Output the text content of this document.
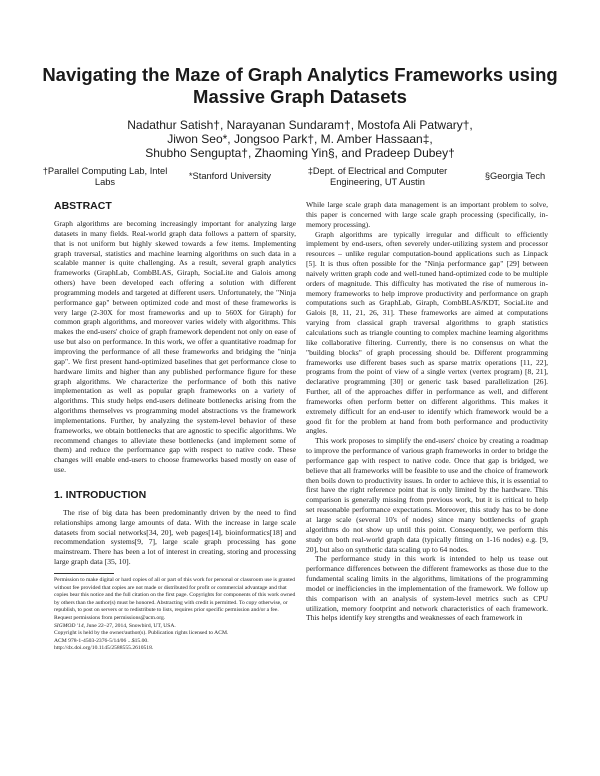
Navigating the Maze of Graph Analytics Frameworks using Massive Graph Datasets
Nadathur Satish†, Narayanan Sundaram†, Mostofa Ali Patwary†,
Jiwon Seo*, Jongsoo Park†, M. Amber Hassaan‡,
Shubho Sengupta†, Zhaoming Yin§, and Pradeep Dubey†
†Parallel Computing Lab, Intel Labs
*Stanford University	‡Dept. of Electrical and Computer Engineering, UT Austin
§Georgia Tech
ABSTRACT

Graph algorithms are becoming increasingly important for analyzing large datasets in many fields. Real-world graph data follows a pattern of sparsity, that is not uniform but highly skewed towards a few items. Implementing graph traversal, statistics and machine learning algorithms on such data in a scalable manner is quite challenging. As a result, several graph analytics frameworks (GraphLab, CombBLAS, Giraph, SociaLite and Galois among others) have been developed each offering a solution with different programming models and targeted at different users. Unfortunately, the "Ninja performance gap" between optimized code and most of these frameworks is very large (2-30X for most frameworks and up to 560X for Giraph) for common graph algorithms, and moreover varies widely with algorithms. This makes the end-users' choice of graph framework dependent not only on ease of use but also on performance. In this work, we offer a quantitative roadmap for improving the performance of all these frameworks and bridging the "ninja gap". We first present hand-optimized baselines that get performance close to hardware limits and higher than any published performance figure for these graph algorithms. We characterize the performance of both this native implementation as well as popular graph frameworks on a variety of algorithms. This study helps end-users delineate bottlenecks arising from the algorithms themselves vs programming model abstractions vs the framework implementations. Further, by analyzing the system-level behavior of these frameworks, we obtain bottlenecks that are agnostic to specific algorithms. We recommend changes to alleviate these bottlenecks (and implement some of them) and reduce the performance gap with respect to native code. These changes will enable end-users to choose frameworks based mostly on ease of use.

1. INTRODUCTION

The rise of big data has been predominantly driven by the need to find relationships among large amounts of data. With the increase in large scale datasets from social networks[34, 20], web pages[14], bioinformatics[18] and recommendation systems[9, 7], large scale graph processing has gone mainstream. There has been a lot of interest in creating, storing and processing large graph data [35, 10].

Permission to make digital or hard copies of all or part of this work for personal or classroom use is granted without fee provided that copies are not made or distributed for profit or commercial advantage and that copies bear this notice and the full citation on the first page. Copyrights for components of this work owned by others than the author(s) must be honored. Abstracting with credit is permitted. To copy otherwise, or republish, to post on servers or to redistribute to lists, requires prior specific permission and/or a fee. Request permissions from permissions@acm.org.

SIGMOD '14, June 22–27, 2014, Snowbird, UT, USA.

Copyright is held by the owner/author(s). Publication rights licensed to ACM.

ACM 978-1-4503-2376-5/14/06 ...$15.00.

http://dx.doi.org/10.1145/2588555.2610518.

While large scale graph data management is an important problem to solve, this paper is concerned with large scale graph processing (specifically, in-memory processing).

Graph algorithms are typically irregular and difficult to efficiently implement by end-users, often severely under-utilizing system and processor resources – unlike regular computation-bound applications such as Linpack [5]. It is thus often possible for the "Ninja performance gap" [29] between naively written graph code and well-tuned hand-optimized code to be multiple orders of magnitude. This difficulty has motivated the rise of numerous in-memory frameworks to help improve productivity and performance on graph computations such as GraphLab, Giraph, CombBLAS/KDT, SociaLite and Galois [8, 11, 21, 26, 31]. These frameworks are aimed at computations varying from classical graph traversal algorithms to graph statistics calculations such as triangle counting to complex machine learning algorithms like collaborative filtering. Currently, there is no consensus on what the "building blocks" of graph processing should be. Different programming frameworks use different bases such as sparse matrix operations [11, 22], programs from the point of view of a single vertex (vertex program) [8, 21], declarative programming [30] or generic task based parallelization [26]. Further, all of the approaches differ in performance as well, and different frameworks often perform better on different algorithms. This makes it extremely difficult for an end-user to identify which framework would be a good fit for the problem at hand from both performance and productivity angles.

This work proposes to simplify the end-users' choice by creating a roadmap to improve the performance of various graph frameworks in order to bridge the performance gap with respect to native code. Once that gap is bridged, we believe that all frameworks will be feasible to use and the choice of framework then boils down to productivity issues. In order to achieve this, it is essential to first have the right reference point that is only limited by the hardware. This comparison is generally missing from previous work, but it is critical to help set reasonable performance expectations. Moreover, this study has to be done at large scale (several 10's of nodes) since many bottlenecks of graph algorithms do not show up until this point. Consequently, we perform this study on both real-world graph data (typically fitting on 1-16 nodes) e.g. [9, 20], but also on synthetic data scaling up to 64 nodes.

The performance study in this work is intended to help us tease out performance differences between the different frameworks as those due to the fundamental scaling limits in the algorithms, limitations of the programming model or inefficiencies in the implementation of the framework. We follow up this comparison with an analysis of system-level metrics such as CPU utilization, memory footprint and network characteristics of each framework. This helps identify key strengths and weaknesses of each framework in
